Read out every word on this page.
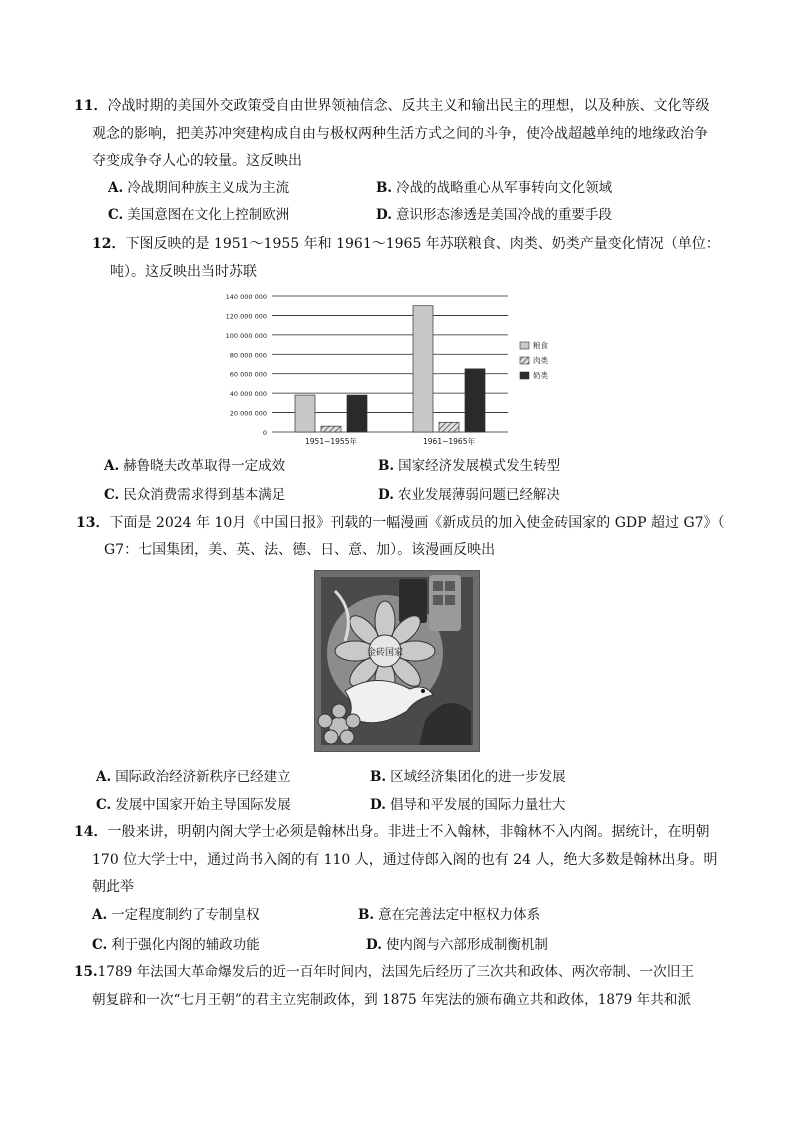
11．冷战时期的美国外交政策受自由世界领袖信念、反共主义和输出民主的理想，以及种族、文化等级
观念的影响，把美苏冲突建构成自由与极权两种生活方式之间的斗争，使冷战超越单纯的地缘政治争
夺变成争夺人心的较量。这反映出
A. 冷战期间种族主义成为主流	B. 冷战的战略重心从军事转向文化领域
C. 美国意图在文化上控制欧洲	D. 意识形态渗透是美国冷战的重要手段
12．下图反映的是 1951～1955 年和 1961～1965 年苏联粮食、肉类、奶类产量变化情况（单位：
吨）。这反映出当时苏联
0
20 000 000
40 000 000
60 000 000
80 000 000
100 000 000
120 000 000
140 000 000
1951~1955年	1961~1965年
粮食
肉类
奶类
A. 赫鲁晓夫改革取得一定成效	B. 国家经济发展模式发生转型
C. 民众消费需求得到基本满足	D. 农业发展薄弱问题已经解决
13．下面是 2024 年 10月《中国日报》刊载的一幅漫画《新成员的加入使金砖国家的 GDP 超过 G7》（
G7：七国集团，美、英、法、德、日、意、加）。该漫画反映出
金砖国家
A. 国际政治经济新秩序已经建立	B. 区域经济集团化的进一步发展
C. 发展中国家开始主导国际发展	D. 倡导和平发展的国际力量壮大
14．一般来讲，明朝内阁大学士必须是翰林出身。非进士不入翰林，非翰林不入内阁。据统计，在明朝
170 位大学士中，通过尚书入阁的有 110 人，通过侍郎入阁的也有 24 人，绝大多数是翰林出身。明
朝此举
A. 一定程度制约了专制皇权	B. 意在完善法定中枢权力体系
C. 利于强化内阁的辅政功能	D. 使内阁与六部形成制衡机制
15.1789 年法国大革命爆发后的近一百年时间内，法国先后经历了三次共和政体、两次帝制、一次旧王
朝复辟和一次“七月王朝”的君主立宪制政体，到 1875 年宪法的颁布确立共和政体，1879 年共和派
